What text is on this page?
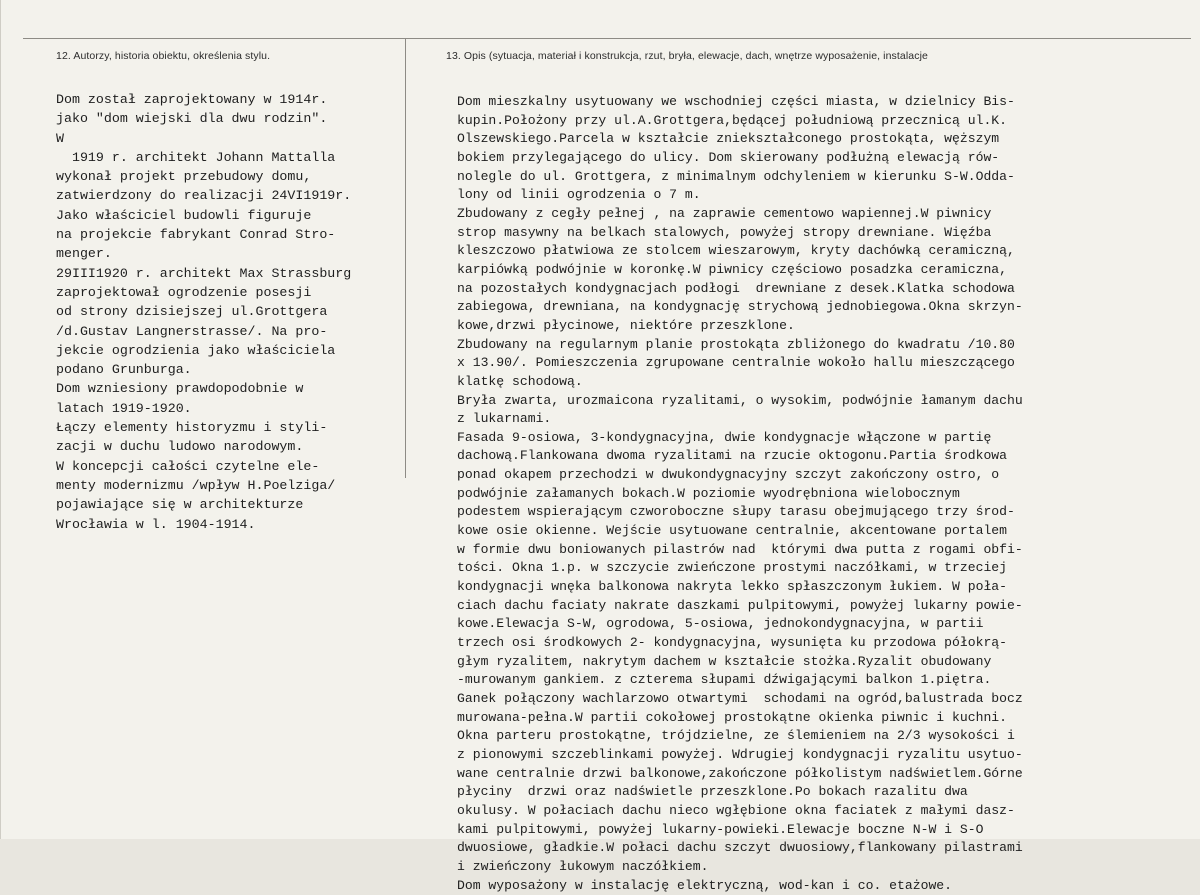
12. Autorzy, historia obiektu, określenia stylu.	13. Opis (sytuacja, materiał i konstrukcja, rzut, bryła, elewacje, dach, wnętrze wyposażenie, instalacje
Dom został zaprojektowany w 1914r.
jako "dom wiejski dla dwu rodzin".
W
1919 r. architekt Johann Mattalla
wykonał projekt przebudowy domu,
zatwierdzony do realizacji 24VI1919r.
Jako właściciel budowli figuruje
na projekcie fabrykant Conrad Stro-
menger.
29III1920 r. architekt Max Strassburg
zaprojektował ogrodzenie posesji
od strony dzisiejszej ul.Grottgera
/d.Gustav Langnerstrasse/. Na pro-
jekcie ogrodzienia jako właściciela
podano Grunburga.
Dom wzniesiony prawdopodobnie w
latach 1919-1920.
Łączy elementy historyzmu i styli-
zacji w duchu ludowo narodowym.
W koncepcji całości czytelne ele-
menty modernizmu /wpływ H.Poelziga/
pojawiające się w architekturze
Wrocławia w l. 1904-1914.
Dom mieszkalny usytuowany we wschodniej części miasta, w dzielnicy Bis-
kupin.Położony przy ul.A.Grottgera,będącej południową przecznicą ul.K.
Olszewskiego.Parcela w kształcie zniekształconego prostokąta, węższym
bokiem przylegającego do ulicy. Dom skierowany podłużną elewacją rów-
nolegle do ul. Grottgera, z minimalnym odchyleniem w kierunku S-W.Odda-
lony od linii ogrodzenia o 7 m.
Zbudowany z cegły pełnej , na zaprawie cementowo wapiennej.W piwnicy
strop masywny na belkach stalowych, powyżej stropy drewniane. Więźba
kleszczowo płatwiowa ze stolcem wieszarowym, kryty dachówką ceramiczną,
karpiówką podwójnie w koronkę.W piwnicy częściowo posadzka ceramiczna,
na pozostałych kondygnacjach podłogi  drewniane z desek.Klatka schodowa
zabiegowa, drewniana, na kondygnację strychową jednobiegowa.Okna skrzyn-
kowe,drzwi płycinowe, niektóre przeszklone.
Zbudowany na regularnym planie prostokąta zbliżonego do kwadratu /10.80
x 13.90/. Pomieszczenia zgrupowane centralnie wokoło hallu mieszczącego
klatkę schodową.
Bryła zwarta, urozmaicona ryzalitami, o wysokim, podwójnie łamanym dachu
z lukarnami.
Fasada 9-osiowa, 3-kondygnacyjna, dwie kondygnacje włączone w partię
dachową.Flankowana dwoma ryzalitami na rzucie oktogonu.Partia środkowa
ponad okapem przechodzi w dwukondygnacyjny szczyt zakończony ostro, o
podwójnie załamanych bokach.W poziomie wyodrębniona wielobocznym
podestem wspierającym czworoboczne słupy tarasu obejmującego trzy środ-
kowe osie okienne. Wejście usytuowane centralnie, akcentowane portalem
w formie dwu boniowanych pilastrów nad  którymi dwa putta z rogami obfi-
tości. Okna 1.p. w szczycie zwieńczone prostymi naczółkami, w trzeciej
kondygnacji wnęka balkonowa nakryta lekko spłaszczonym łukiem. W poła-
ciach dachu faciaty nakrate daszkami pulpitowymi, powyżej lukarny powie-
kowe.Elewacja S-W, ogrodowa, 5-osiowa, jednokondygnacyjna, w partii
trzech osi środkowych 2- kondygnacyjna, wysunięta ku przodowa półokrą-
głym ryzalitem, nakrytym dachem w kształcie stożka.Ryzalit obudowany
-murowanym gankiem. z czterema słupami dźwigającymi balkon 1.piętra.
Ganek połączony wachlarzowo otwartymi  schodami na ogród,balustrada bocz
murowana-pełna.W partii cokołowej prostokątne okienka piwnic i kuchni.
Okna parteru prostokątne, trójdzielne, ze ślemieniem na 2/3 wysokości i
z pionowymi szczeblinkami powyżej. Wdrugiej kondygnacji ryzalitu usytuo-
wane centralnie drzwi balkonowe,zakończone półkolistym nadświetlem.Górne
płyciny  drzwi oraz nadświetle przeszklone.Po bokach razalitu dwa
okulusy. W połaciach dachu nieco wgłębione okna faciatek z małymi dasz-
kami pulpitowymi, powyżej lukarny-powieki.Elewacje boczne N-W i S-O
dwuosiowe, gładkie.W połaci dachu szczyt dwuosiowy,flankowany pilastrami
i zwieńczony łukowym naczółkiem.
Dom wyposażony w instalację elektryczną, wod-kan i co. etażowe.
